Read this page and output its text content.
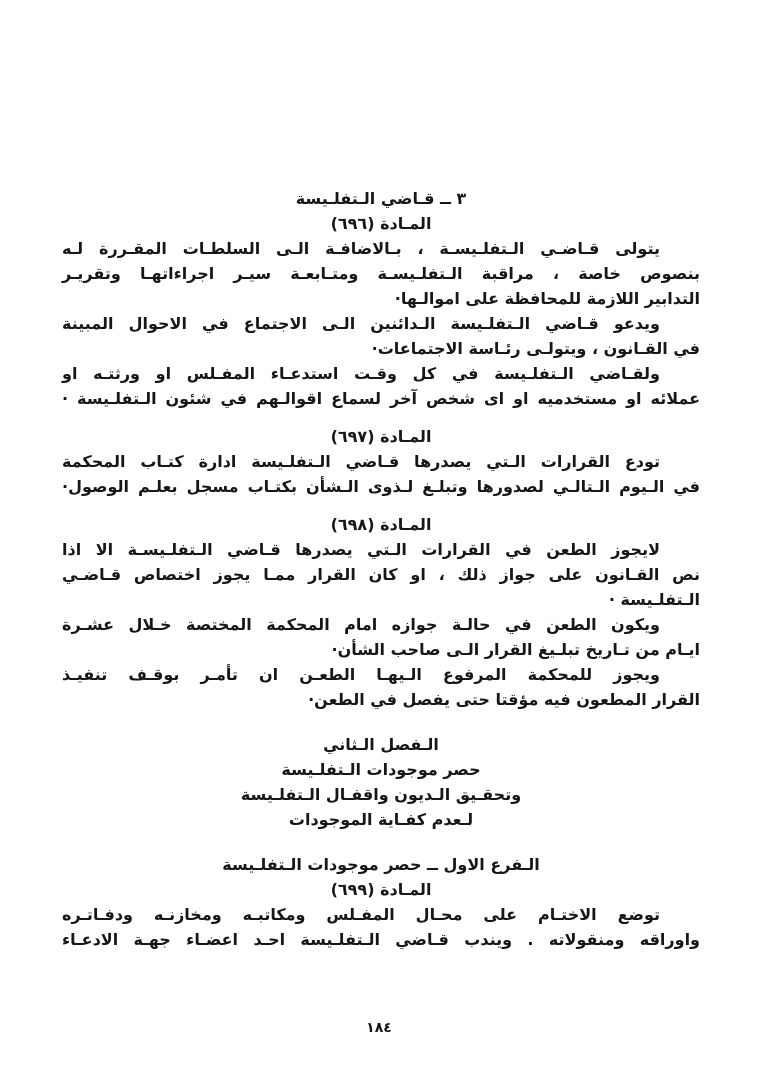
٣ ــ قـاضي الـتفلـيسة
المـادة (٦٩٦)
يتولى قـاضـي الـتفلـيسـة ، بـالاضافـة الـى السلطـات المقـررة لـه
بنصوص خاصة ، مراقبة الـتفلـيسـة ومتـابعـة سيـر اجراءاتهـا وتقريـر
التدابير اللازمة للمحافظة على اموالـها·
ويدعو قـاضي الـتفلـيسة الـدائنين الـى الاجتماع في الاحوال المبينة
في القـانون ، ويتولـى رئـاسة الاجتماعات·
ولقـاضي الـتفلـيسة في كل وقـت استدعـاء المفـلس او ورثتـه او
عملائه او مستخدميه او اى شخص آخر لسماع اقوالـهم في شئون الـتفلـيسة ·
المـادة (٦٩٧)
تودع القرارات الـتي يصدرها قـاضي الـتفلـيسة ادارة كتـاب المحكمة
في الـيوم الـتالـي لصدورها وتبلـغ لـذوى الـشأن بكتـاب مسجل بعلـم الوصول·
المـادة (٦٩٨)
لايجوز الطعن في القرارات الـتي يصدرها قـاضي الـتفلـيسـة الا اذا
نص القـانون على جواز ذلك ، او كان القرار ممـا يجوز اختصاص قـاضـي
الـتفلـيسة ·
ويكون الطعن في حالـة جوازه امام المحكمة المختصة خـلال عشـرة
ايـام من تـاريخ تبلـيغ القرار الـى صاحب الشأن·
ويجوز للمحكمة المرفوع الـيهـا الطعـن ان تأمـر بوقـف تنفيـذ
القرار المطعون فيه مؤقتا حتى يفصل في الطعن·
الـفصل الـثاني
حصر موجودات الـتفلـيسة
وتحقـيق الـديون واقفـال الـتفلـيسة
لـعدم كفـاية الموجودات
الـفرع الاول ــ حصر موجودات الـتفلـيسة
المـادة (٦٩٩)
توضع الاختـام على محـال المفـلس ومكاتبـه ومخازنـه ودفـاتـره
واوراقه ومنقولاته . ويندب قـاضي الـتفلـيسة احـد اعضـاء جهـة الادعـاء
١٨٤
